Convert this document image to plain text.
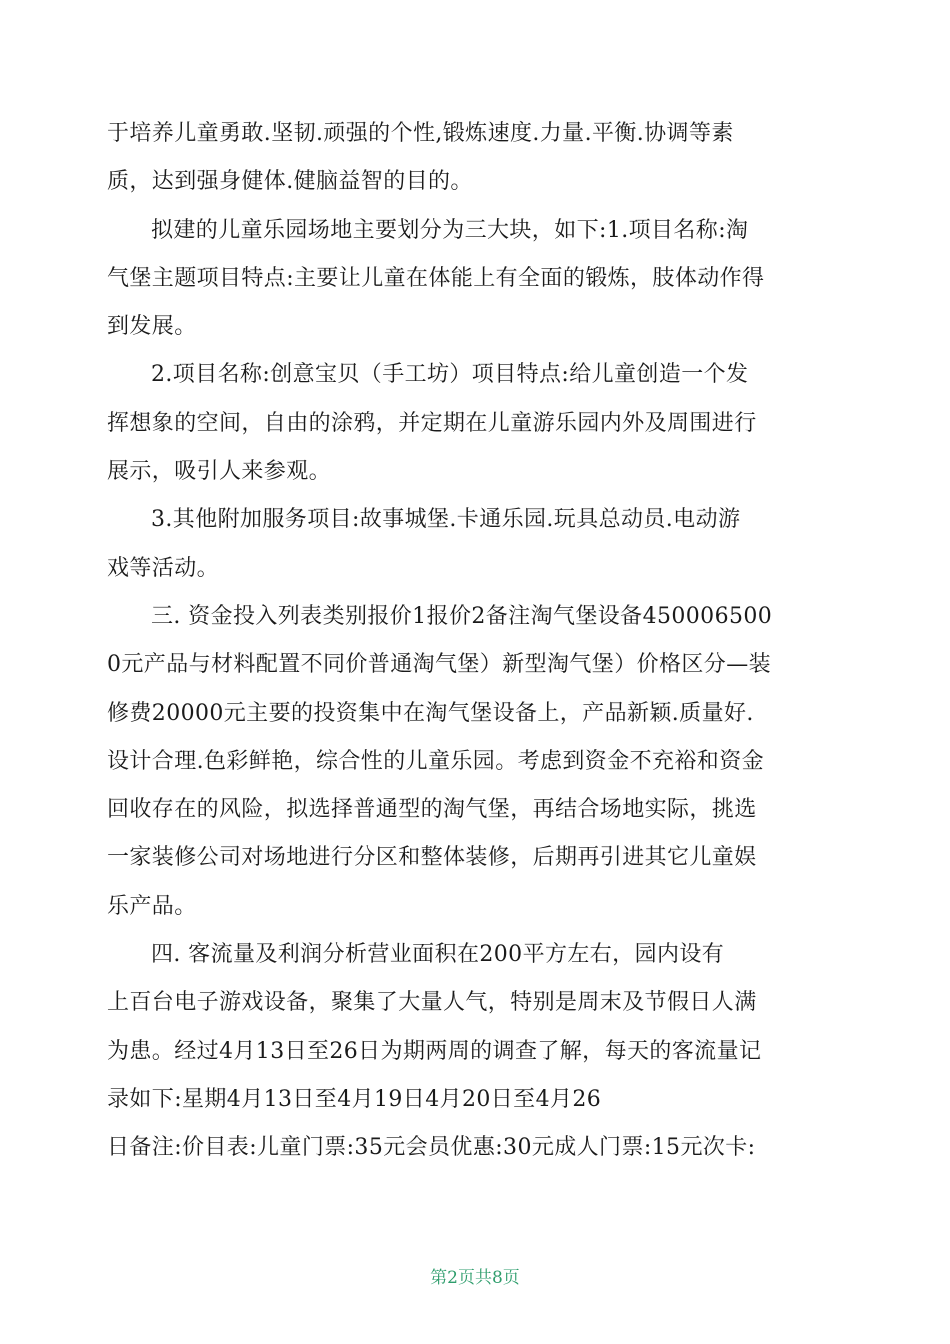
于培养儿童勇敢.坚韧.顽强的个性,锻炼速度.力量.平衡.协调等素
质，达到强身健体.健脑益智的目的。
拟建的儿童乐园场地主要划分为三大块，如下:1.项目名称:淘
气堡主题项目特点:主要让儿童在体能上有全面的锻炼，肢体动作得
到发展。
2.项目名称:创意宝贝（手工坊）项目特点:给儿童创造一个发
挥想象的空间，自由的涂鸦，并定期在儿童游乐园内外及周围进行
展示，吸引人来参观。
3.其他附加服务项目:故事城堡.卡通乐园.玩具总动员.电动游
戏等活动。
三. 资金投入列表类别报价1报价2备注淘气堡设备450006500
0元产品与材料配置不同价普通淘气堡）新型淘气堡）价格区分—装
修费20000元主要的投资集中在淘气堡设备上，产品新颖.质量好.
设计合理.色彩鲜艳，综合性的儿童乐园。考虑到资金不充裕和资金
回收存在的风险，拟选择普通型的淘气堡，再结合场地实际，挑选
一家装修公司对场地进行分区和整体装修，后期再引进其它儿童娱
乐产品。
四. 客流量及利润分析营业面积在200平方左右，园内设有
上百台电子游戏设备，聚集了大量人气，特别是周末及节假日人满
为患。经过4月13日至26日为期两周的调查了解，每天的客流量记
录如下:星期4月13日至4月19日4月20日至4月26
日备注:价目表:儿童门票:35元会员优惠:30元成人门票:15元次卡:
第2页共8页
